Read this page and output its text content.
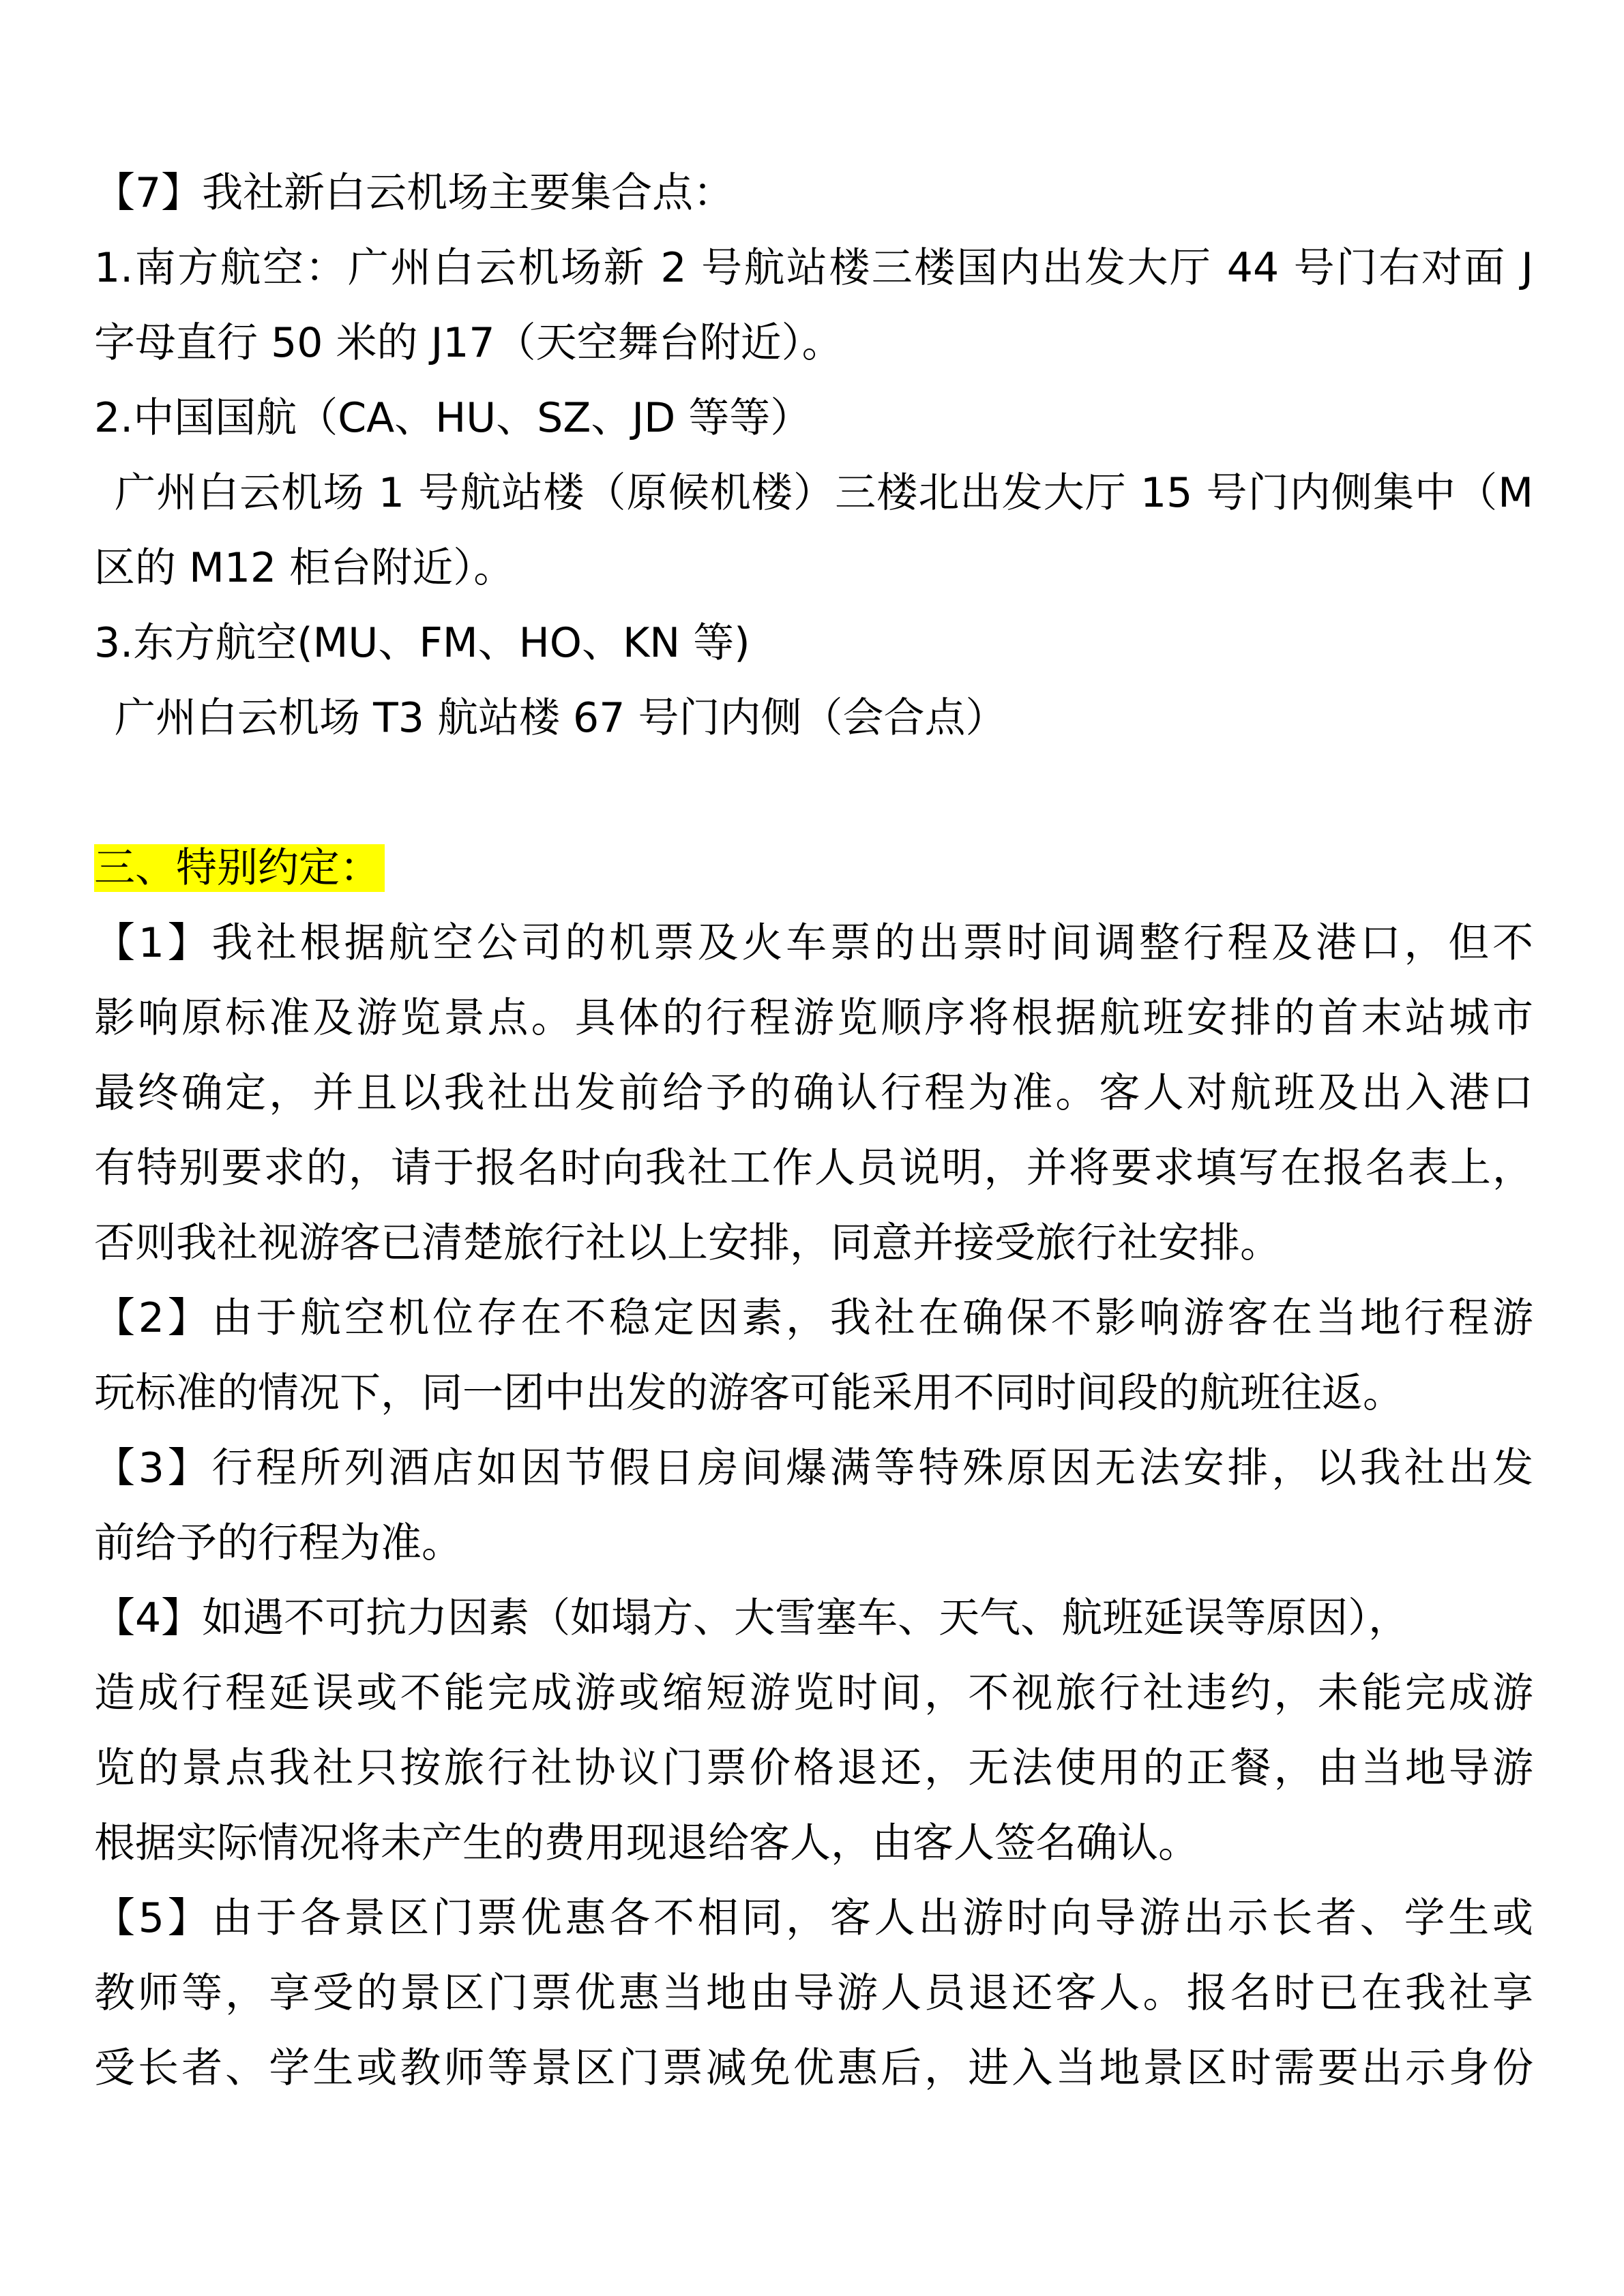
【7】我社新白云机场主要集合点：
1.南方航空：广州白云机场新 2 号航站楼三楼国内出发大厅 44 号门右对面 J
字母直行 50 米的 J17（天空舞台附近）。
2.中国国航（CA、HU、SZ、JD 等等）
广州白云机场 1 号航站楼（原候机楼）三楼北出发大厅 15 号门内侧集中（M
区的 M12 柜台附近）。
3.东方航空(MU、FM、HO、KN 等)
广州白云机场 T3 航站楼 67 号门内侧（会合点）
三、特别约定：
【1】我社根据航空公司的机票及火车票的出票时间调整行程及港口，但不
影响原标准及游览景点。具体的行程游览顺序将根据航班安排的首末站城市
最终确定，并且以我社出发前给予的确认行程为准。客人对航班及出入港口
有特别要求的，请于报名时向我社工作人员说明，并将要求填写在报名表上，
否则我社视游客已清楚旅行社以上安排，同意并接受旅行社安排。
【2】由于航空机位存在不稳定因素，我社在确保不影响游客在当地行程游
玩标准的情况下，同一团中出发的游客可能采用不同时间段的航班往返。
【3】行程所列酒店如因节假日房间爆满等特殊原因无法安排，以我社出发
前给予的行程为准。
【4】如遇不可抗力因素（如塌方、大雪塞车、天气、航班延误等原因），
造成行程延误或不能完成游或缩短游览时间，不视旅行社违约，未能完成游
览的景点我社只按旅行社协议门票价格退还，无法使用的正餐，由当地导游
根据实际情况将未产生的费用现退给客人，由客人签名确认。
【5】由于各景区门票优惠各不相同，客人出游时向导游出示长者、学生或
教师等，享受的景区门票优惠当地由导游人员退还客人。报名时已在我社享
受长者、学生或教师等景区门票减免优惠后，进入当地景区时需要出示身份
